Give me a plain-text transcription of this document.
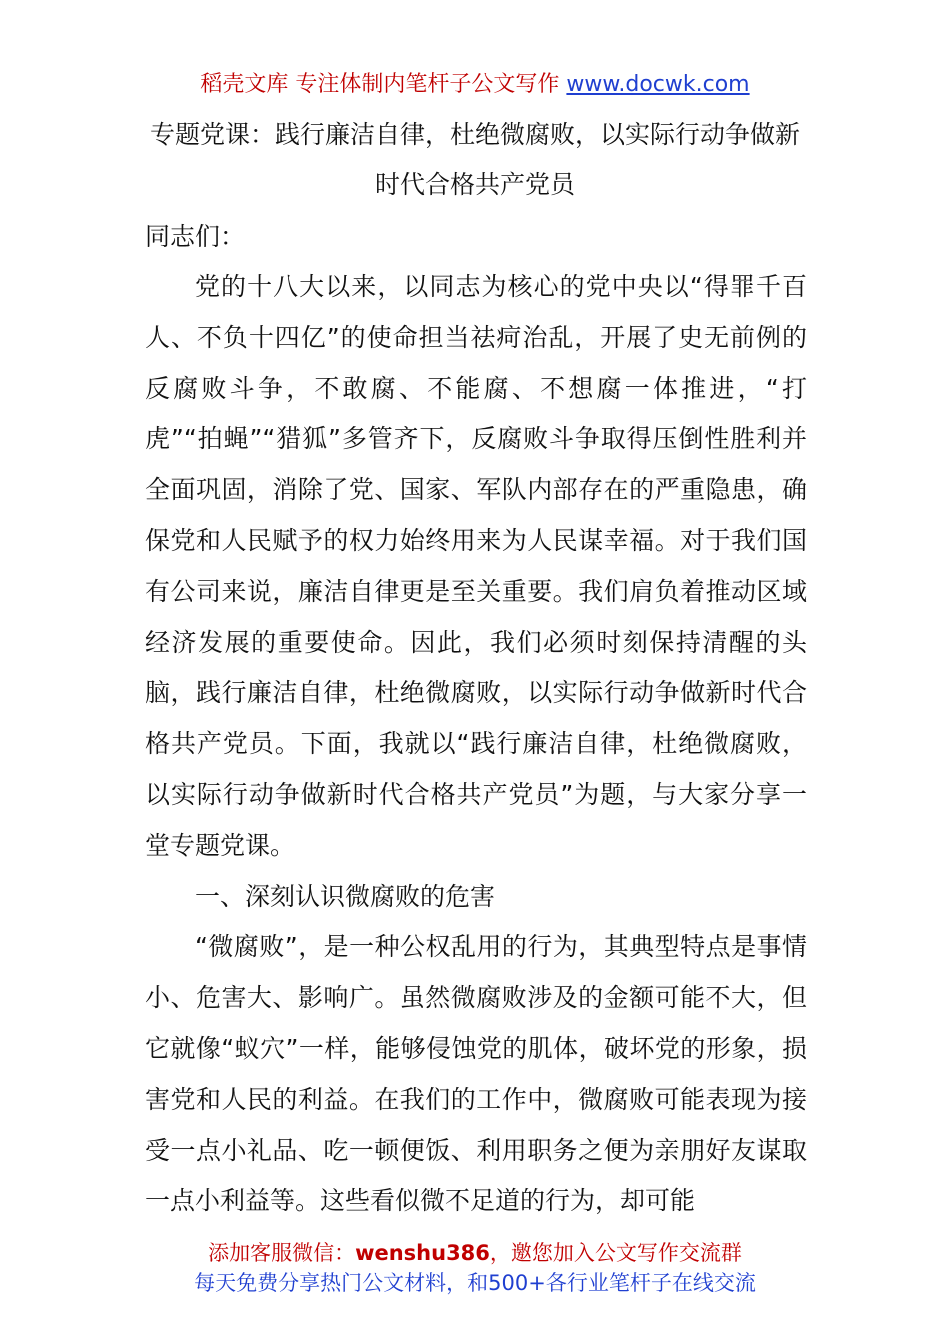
稻壳文库 专注体制内笔杆子公文写作 www.docwk.com
专题党课：践行廉洁自律，杜绝微腐败，以实际行动争做新时代合格共产党员
同志们：

党的十八大以来，以同志为核心的党中央以“得罪千百人、不负十四亿”的使命担当祛疴治乱，开展了史无前例的反腐败斗争，不敢腐、不能腐、不想腐一体推进，“打虎”“拍蝇”“猎狐”多管齐下，反腐败斗争取得压倒性胜利并全面巩固，消除了党、国家、军队内部存在的严重隐患，确保党和人民赋予的权力始终用来为人民谋幸福。对于我们国有公司来说，廉洁自律更是至关重要。我们肩负着推动区域经济发展的重要使命。因此，我们必须时刻保持清醒的头脑，践行廉洁自律，杜绝微腐败，以实际行动争做新时代合格共产党员。下面，我就以“践行廉洁自律，杜绝微腐败，以实际行动争做新时代合格共产党员”为题，与大家分享一堂专题党课。

一、深刻认识微腐败的危害

“微腐败”，是一种公权乱用的行为，其典型特点是事情小、危害大、影响广。虽然微腐败涉及的金额可能不大，但它就像“蚁穴”一样，能够侵蚀党的肌体，破坏党的形象，损害党和人民的利益。在我们的工作中，微腐败可能表现为接受一点小礼品、吃一顿便饭、利用职务之便为亲朋好友谋取一点小利益等。这些看似微不足道的行为，却可能

添加客服微信：wenshu386，邀您加入公文写作交流群
每天免费分享热门公文材料，和500+各行业笔杆子在线交流
